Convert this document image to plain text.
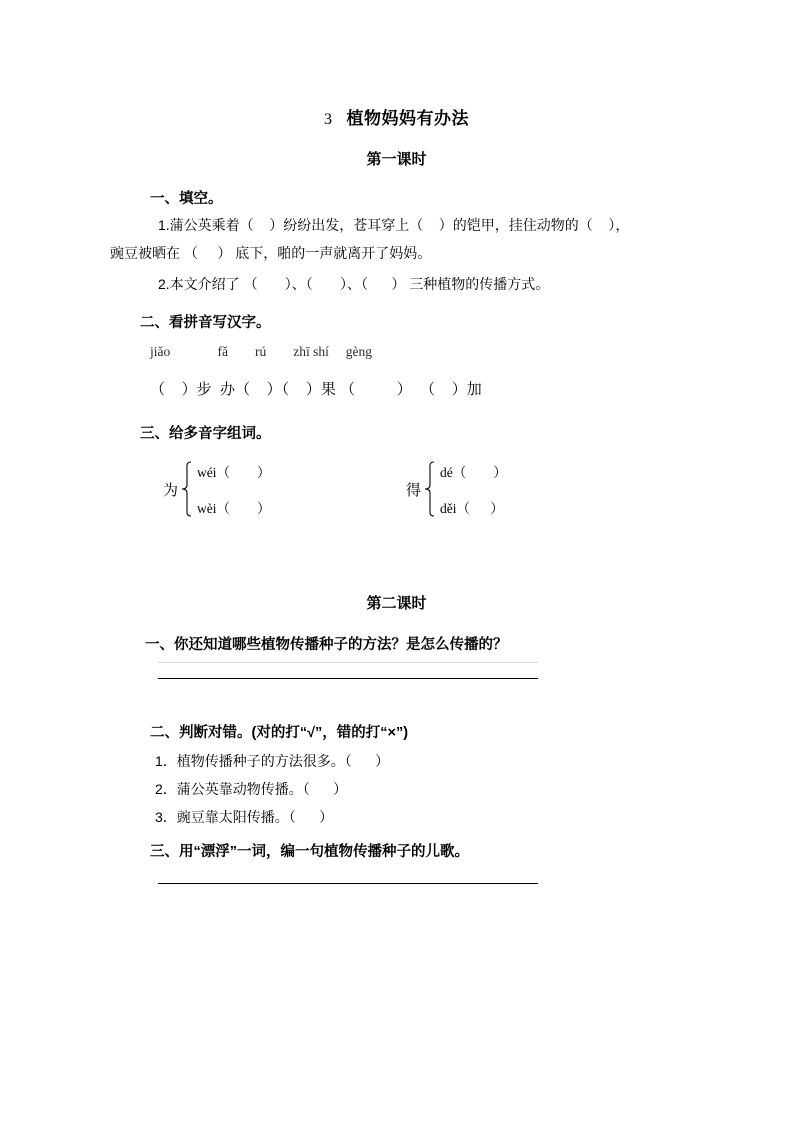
3 植物妈妈有办法
第一课时
一、填空。
1.蒲公英乘着（    ）纷纷出发，苍耳穿上（    ）的铠甲，挂住动物的（    ），
豌豆被晒在 （     ） 底下，啪的一声就离开了妈妈。
2.本文介绍了 （       ）、（       ）、（      ） 三种植物的传播方式。
二、看拼音写汉字。
jiǎo              fǎ        rú        zhī shí     gèng
（    ）步  办（    ）（    ）果 （          ）  （    ）加
三、给多音字组词。
为
wéi（        ）
wèi（        ）
得
dé（        ）
děi（      ）
第二课时
一、你还知道哪些植物传播种子的方法？是怎么传播的？
二、判断对错。(对的打“√”，错的打“×”)
1．植物传播种子的方法很多。（      ）
2．蒲公英靠动物传播。（      ）
3．豌豆靠太阳传播。（      ）
三、用“漂浮”一词，编一句植物传播种子的儿歌。
